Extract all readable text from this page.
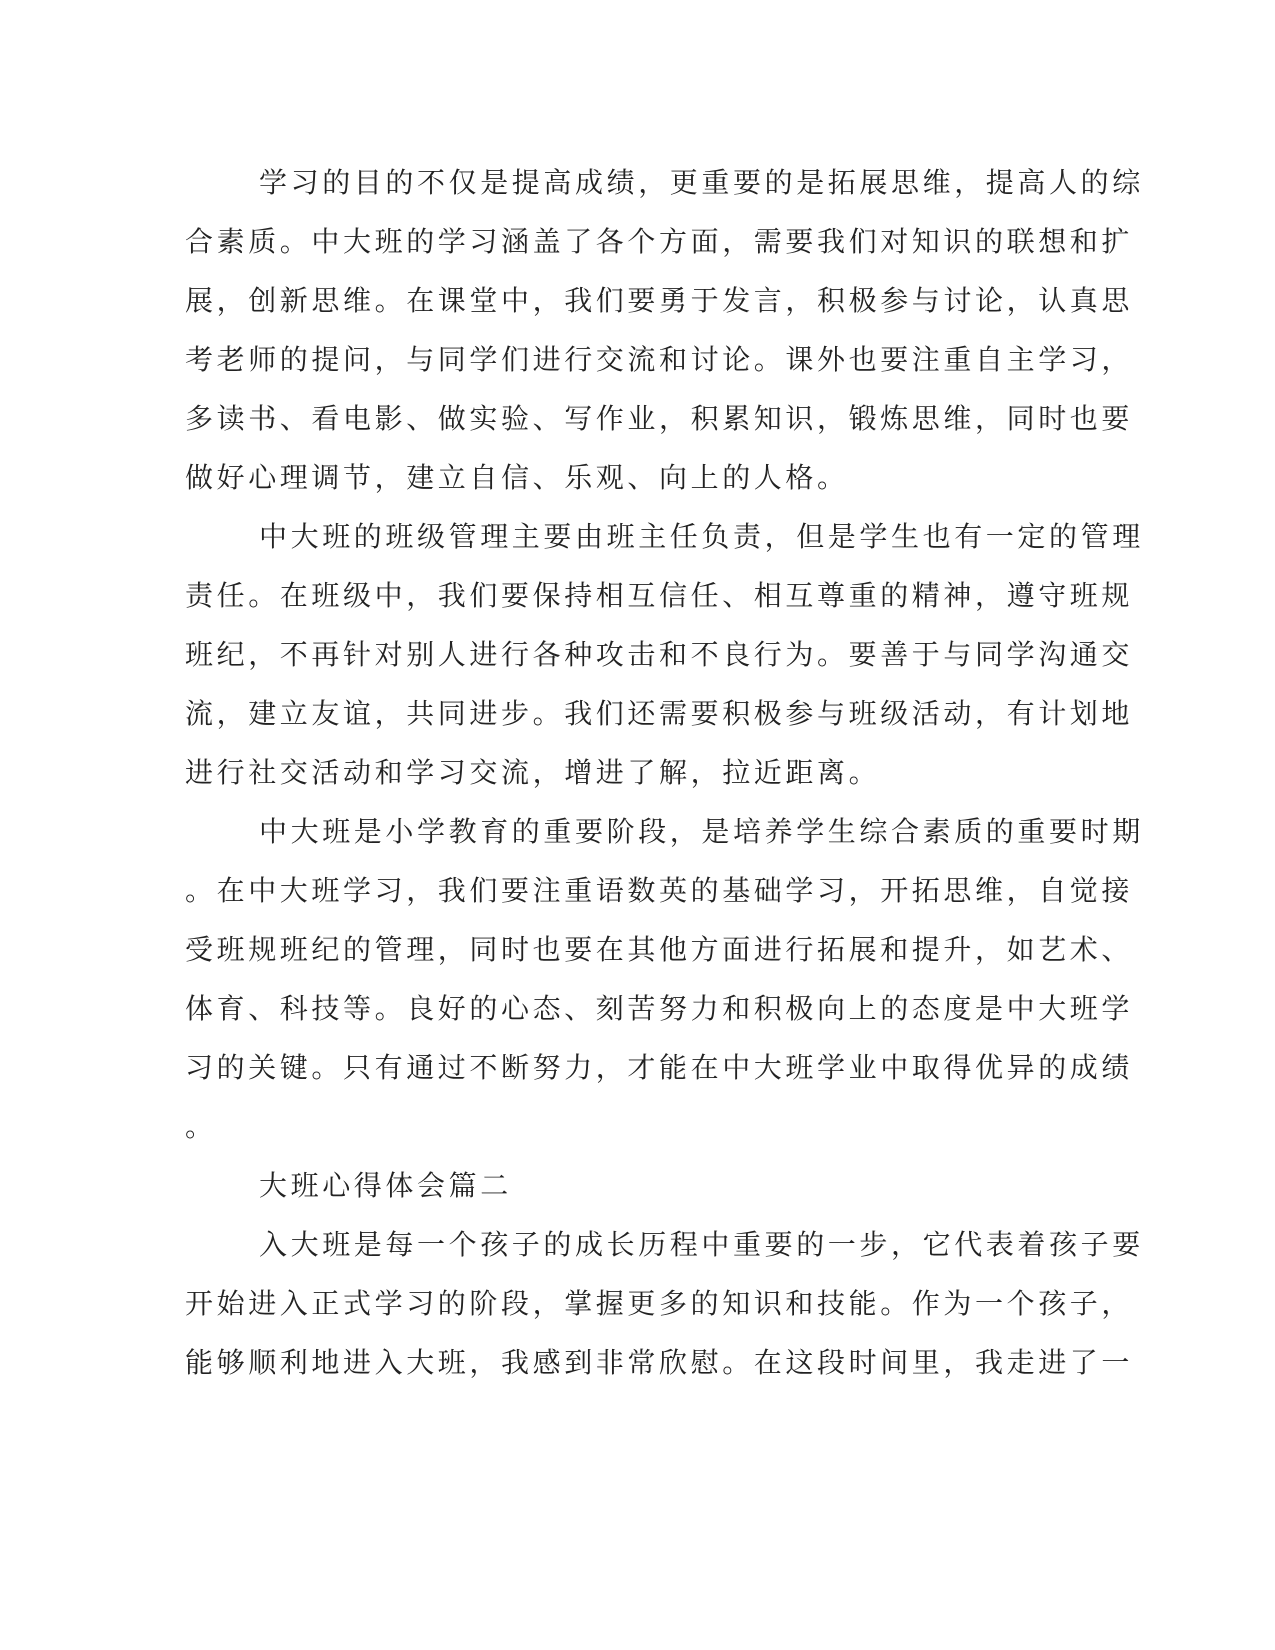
学习的目的不仅是提高成绩，更重要的是拓展思维，提高人的综
合素质。中大班的学习涵盖了各个方面，需要我们对知识的联想和扩
展，创新思维。在课堂中，我们要勇于发言，积极参与讨论，认真思
考老师的提问，与同学们进行交流和讨论。课外也要注重自主学习，
多读书、看电影、做实验、写作业，积累知识，锻炼思维，同时也要
做好心理调节，建立自信、乐观、向上的人格。
中大班的班级管理主要由班主任负责，但是学生也有一定的管理
责任。在班级中，我们要保持相互信任、相互尊重的精神，遵守班规
班纪，不再针对别人进行各种攻击和不良行为。要善于与同学沟通交
流，建立友谊，共同进步。我们还需要积极参与班级活动，有计划地
进行社交活动和学习交流，增进了解，拉近距离。
中大班是小学教育的重要阶段，是培养学生综合素质的重要时期
。在中大班学习，我们要注重语数英的基础学习，开拓思维，自觉接
受班规班纪的管理，同时也要在其他方面进行拓展和提升，如艺术、
体育、科技等。良好的心态、刻苦努力和积极向上的态度是中大班学
习的关键。只有通过不断努力，才能在中大班学业中取得优异的成绩
。
大班心得体会篇二
入大班是每一个孩子的成长历程中重要的一步，它代表着孩子要
开始进入正式学习的阶段，掌握更多的知识和技能。作为一个孩子，
能够顺利地进入大班，我感到非常欣慰。在这段时间里，我走进了一
